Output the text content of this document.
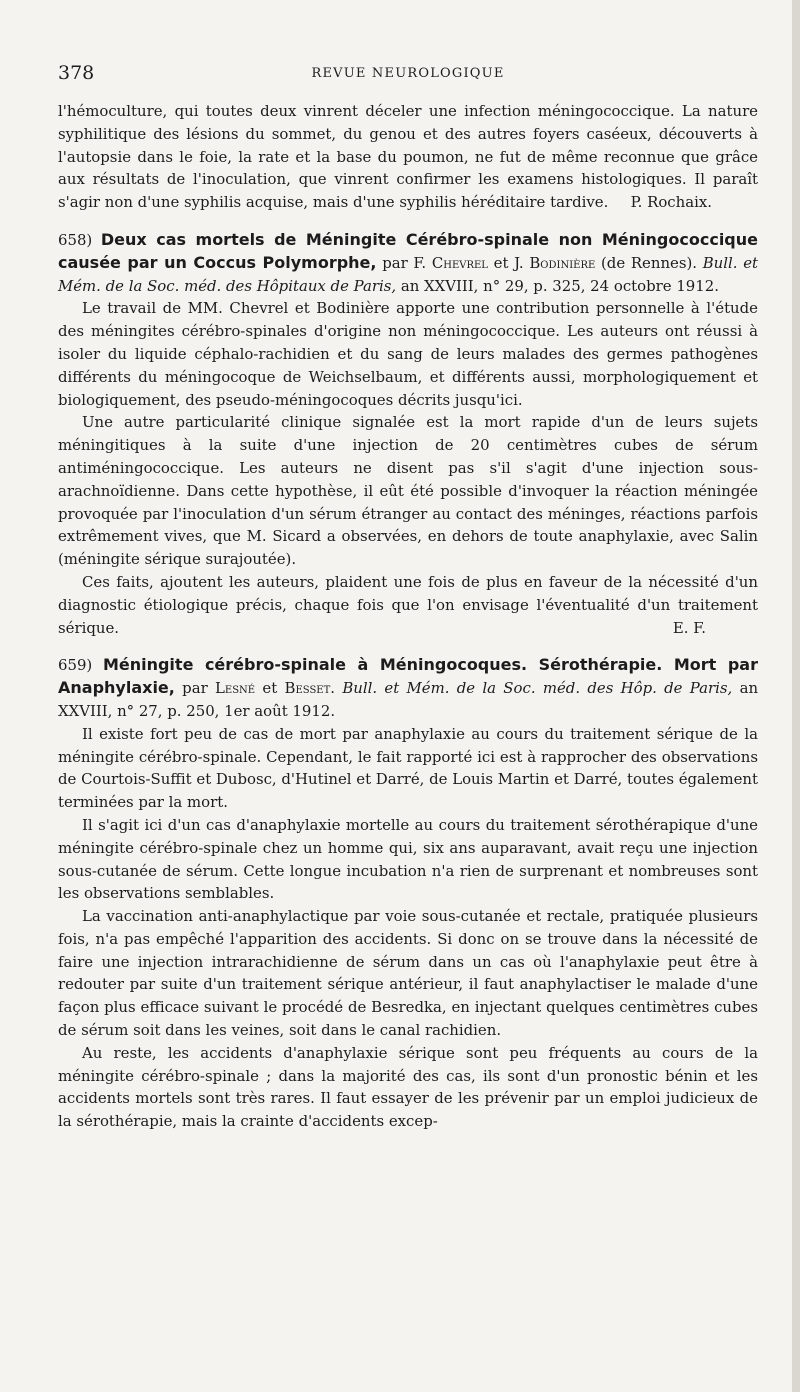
378	REVUE NEUROLOGIQUE

l'hémoculture, qui toutes deux vinrent déceler une infection méningococcique. La nature syphilitique des lésions du sommet, du genou et des autres foyers caséeux, découverts à l'autopsie dans le foie, la rate et la base du poumon, ne fut de même reconnue que grâce aux résultats de l'inoculation, que vinrent confirmer les examens histologiques. Il paraît s'agir non d'une syphilis acquise, mais d'une syphilis héréditaire tardive. P. Rochaix.

658) Deux cas mortels de Méningite Cérébro-spinale non Méningococcique causée par un Coccus Polymorphe, par F. Chevrel et J. Bodinière (de Rennes). Bull. et Mém. de la Soc. méd. des Hôpitaux de Paris, an XXVIII, n° 29, p. 325, 24 octobre 1912.

Le travail de MM. Chevrel et Bodinière apporte une contribution personnelle à l'étude des méningites cérébro-spinales d'origine non méningococcique. Les auteurs ont réussi à isoler du liquide céphalo-rachidien et du sang de leurs malades des germes pathogènes différents du méningocoque de Weichselbaum, et différents aussi, morphologiquement et biologiquement, des pseudo-méningocoques décrits jusqu'ici.

Une autre particularité clinique signalée est la mort rapide d'un de leurs sujets méningitiques à la suite d'une injection de 20 centimètres cubes de sérum antiméningococcique. Les auteurs ne disent pas s'il s'agit d'une injection sous-arachnoïdienne. Dans cette hypothèse, il eût été possible d'invoquer la réaction méningée provoquée par l'inoculation d'un sérum étranger au contact des méninges, réactions parfois extrêmement vives, que M. Sicard a observées, en dehors de toute anaphylaxie, avec Salin (méningite sérique surajoutée).

Ces faits, ajoutent les auteurs, plaident une fois de plus en faveur de la nécessité d'un diagnostic étiologique précis, chaque fois que l'on envisage l'éventualité d'un traitement sérique.	E. F.

659) Méningite cérébro-spinale à Méningocoques. Sérothérapie. Mort par Anaphylaxie, par Lesné et Besset. Bull. et Mém. de la Soc. méd. des Hôp. de Paris, an XXVIII, n° 27, p. 250, 1er août 1912.

Il existe fort peu de cas de mort par anaphylaxie au cours du traitement sérique de la méningite cérébro-spinale. Cependant, le fait rapporté ici est à rapprocher des observations de Courtois-Suffit et Dubosc, d'Hutinel et Darré, de Louis Martin et Darré, toutes également terminées par la mort.

Il s'agit ici d'un cas d'anaphylaxie mortelle au cours du traitement sérothérapique d'une méningite cérébro-spinale chez un homme qui, six ans auparavant, avait reçu une injection sous-cutanée de sérum. Cette longue incubation n'a rien de surprenant et nombreuses sont les observations semblables.

La vaccination anti-anaphylactique par voie sous-cutanée et rectale, pratiquée plusieurs fois, n'a pas empêché l'apparition des accidents. Si donc on se trouve dans la nécessité de faire une injection intrarachidienne de sérum dans un cas où l'anaphylaxie peut être à redouter par suite d'un traitement sérique antérieur, il faut anaphylactiser le malade d'une façon plus efficace suivant le procédé de Besredka, en injectant quelques centimètres cubes de sérum soit dans les veines, soit dans le canal rachidien.

Au reste, les accidents d'anaphylaxie sérique sont peu fréquents au cours de la méningite cérébro-spinale ; dans la majorité des cas, ils sont d'un pronostic bénin et les accidents mortels sont très rares. Il faut essayer de les prévenir par un emploi judicieux de la sérothérapie, mais la crainte d'accidents excep-
